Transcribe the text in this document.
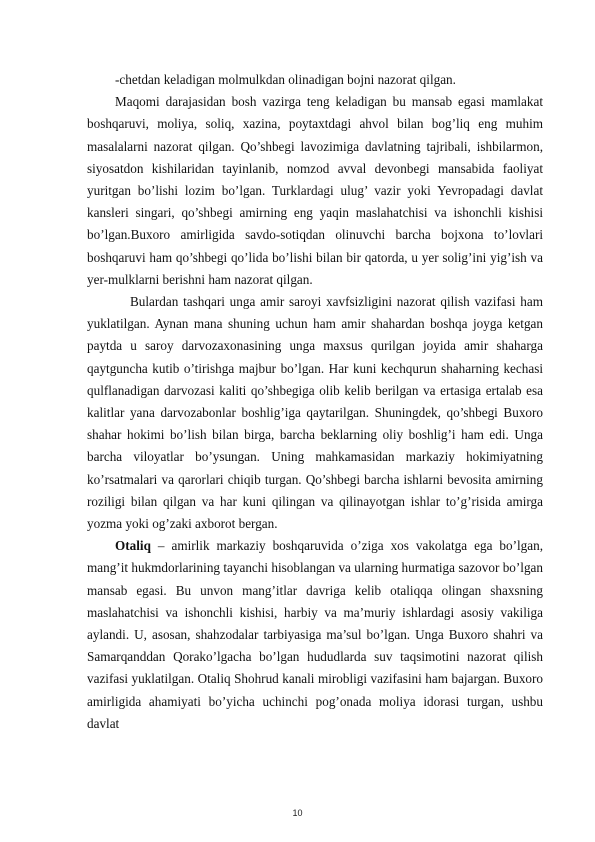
-chetdan keladigan molmulkdan olinadigan bojni nazorat qilgan.

Maqomi darajasidan bosh vazirga teng keladigan bu mansab egasi mamlakat boshqaruvi, moliya, soliq, xazina, poytaxtdagi ahvol bilan bog’liq eng muhim masalalarni nazorat qilgan. Qo’shbegi lavozimiga davlatning tajribali, ishbilarmon, siyosatdon kishilaridan tayinlanib, nomzod avval devonbegi mansabida faoliyat yuritgan bo’lishi lozim bo’lgan. Turklardagi ulug’ vazir yoki Yevropadagi davlat kansleri singari, qo’shbegi amirning eng yaqin maslahatchisi va ishonchli kishisi bo’lgan.Buxoro amirligida savdo-sotiqdan olinuvchi barcha bojxona to’lovlari boshqaruvi ham qo’shbegi qo’lida bo’lishi bilan bir qatorda, u yer solig’ini yig’ish va yer-mulklarni berishni ham nazorat qilgan.

Bulardan tashqari unga amir saroyi xavfsizligini nazorat qilish vazifasi ham yuklatilgan. Aynan mana shuning uchun ham amir shahardan boshqa joyga ketgan paytda u saroy darvozaxonasining unga maxsus qurilgan joyida amir shaharga qaytguncha kutib o’tirishga majbur bo’lgan. Har kuni kechqurun shaharning kechasi qulflanadigan darvozasi kaliti qo’shbegiga olib kelib berilgan va ertasiga ertalab esa kalitlar yana darvozabonlar boshlig’iga qaytarilgan. Shuningdek, qo’shbegi Buxoro shahar hokimi bo’lish bilan birga, barcha beklarning oliy boshlig’i ham edi. Unga barcha viloyatlar bo’ysungan. Uning mahkamasidan markaziy hokimiyatning ko’rsatmalari va qarorlari chiqib turgan. Qo’shbegi barcha ishlarni bevosita amirning roziligi bilan qilgan va har kuni qilingan va qilinayotgan ishlar to’g’risida amirga yozma yoki og’zaki axborot bergan.

Otaliq – amirlik markaziy boshqaruvida o’ziga xos vakolatga ega bo’lgan, mang’it hukmdorlarining tayanchi hisoblangan va ularning hurmatiga sazovor bo’lgan mansab egasi. Bu unvon mang’itlar davriga kelib otaliqqa olingan shaxsning maslahatchisi va ishonchli kishisi, harbiy va ma’muriy ishlardagi asosiy vakiliga aylandi. U, asosan, shahzodalar tarbiyasiga ma’sul bo’lgan. Unga Buxoro shahri va Samarqanddan Qorako’lgacha bo’lgan hududlarda suv taqsimotini nazorat qilish vazifasi yuklatilgan. Otaliq Shohrud kanali mirobligi vazifasini ham bajargan. Buxoro amirligida ahamiyati bo’yicha uchinchi pog’onada moliya idorasi turgan, ushbu davlat

10
